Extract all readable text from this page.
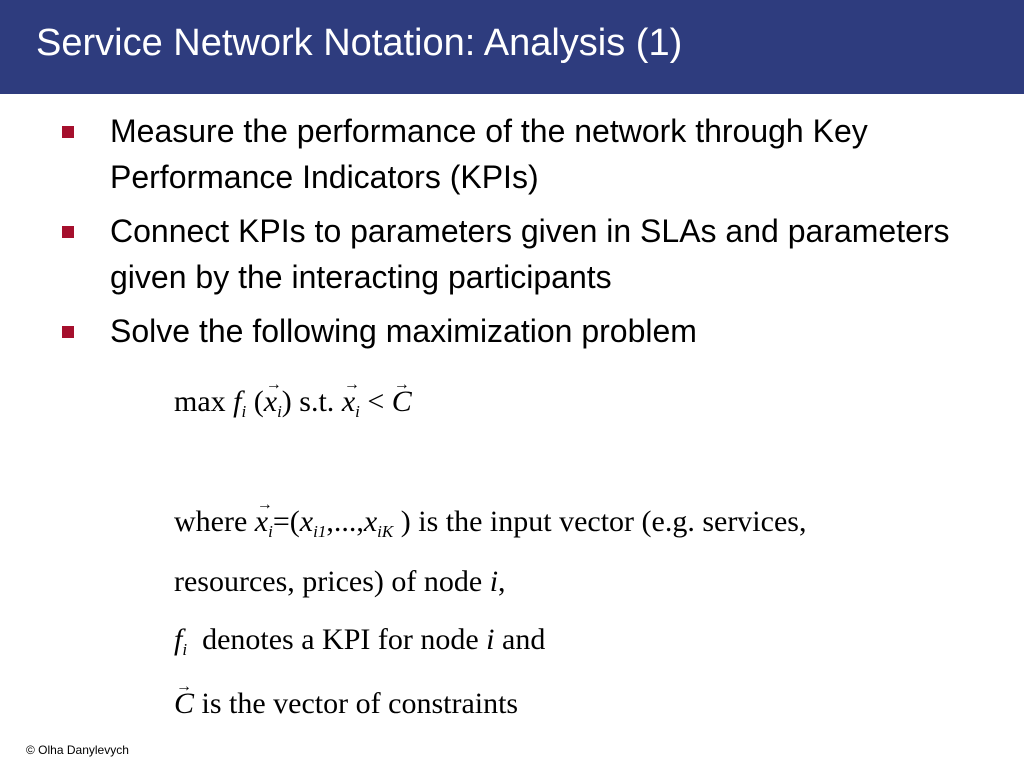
Service Network Notation: Analysis (1)
Measure the performance of the network through Key Performance Indicators (KPIs)
Connect KPIs to parameters given in SLAs and parameters given by the interacting participants
Solve the following maximization problem
$\max f_i$ (→ $x_i$) s.t. → $x_i$ < → C
where → $x_i=(x_{i1},...,x_{iK}$ ) is the input vector (e.g. services,
resources, prices) of node i,
$f_i$ denotes a KPI for node i and
→ C is the vector of constraints
© Olha Danylevych
